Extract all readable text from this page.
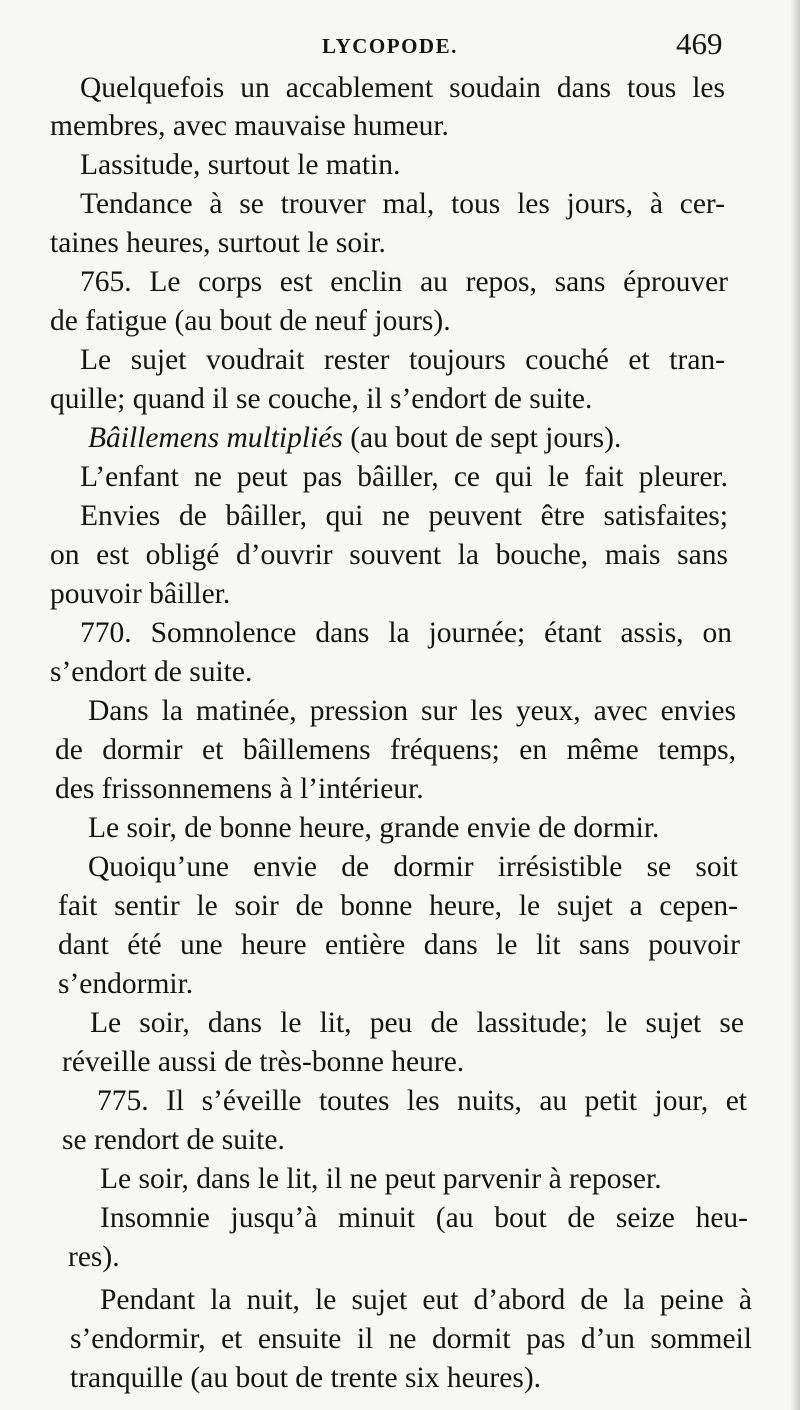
LYCOPODE.	469
Quelquefois un accablement soudain dans tous les
membres, avec mauvaise humeur.
Lassitude, surtout le matin.
Tendance à se trouver mal, tous les jours, à cer-
taines heures, surtout le soir.
765. Le corps est enclin au repos, sans éprouver
de fatigue (au bout de neuf jours).
Le sujet voudrait rester toujours couché et tran-
quille; quand il se couche, il s’endort de suite.
Bâillemens multipliés (au bout de sept jours).
L’enfant ne peut pas bâiller, ce qui le fait pleurer.
Envies de bâiller, qui ne peuvent être satisfaites;
on est obligé d’ouvrir souvent la bouche, mais sans
pouvoir bâiller.
770. Somnolence dans la journée; étant assis, on
s’endort de suite.
Dans la matinée, pression sur les yeux, avec envies
de dormir et bâillemens fréquens; en même temps,
des frissonnemens à l’intérieur.
Le soir, de bonne heure, grande envie de dormir.
Quoiqu’une envie de dormir irrésistible se soit
fait sentir le soir de bonne heure, le sujet a cepen-
dant été une heure entière dans le lit sans pouvoir
s’endormir.
Le soir, dans le lit, peu de lassitude; le sujet se
réveille aussi de très-bonne heure.
775. Il s’éveille toutes les nuits, au petit jour, et
se rendort de suite.
Le soir, dans le lit, il ne peut parvenir à reposer.
Insomnie jusqu’à minuit (au bout de seize heu-
res).
Pendant la nuit, le sujet eut d’abord de la peine à
s’endormir, et ensuite il ne dormit pas d’un sommeil
tranquille (au bout de trente six heures).
